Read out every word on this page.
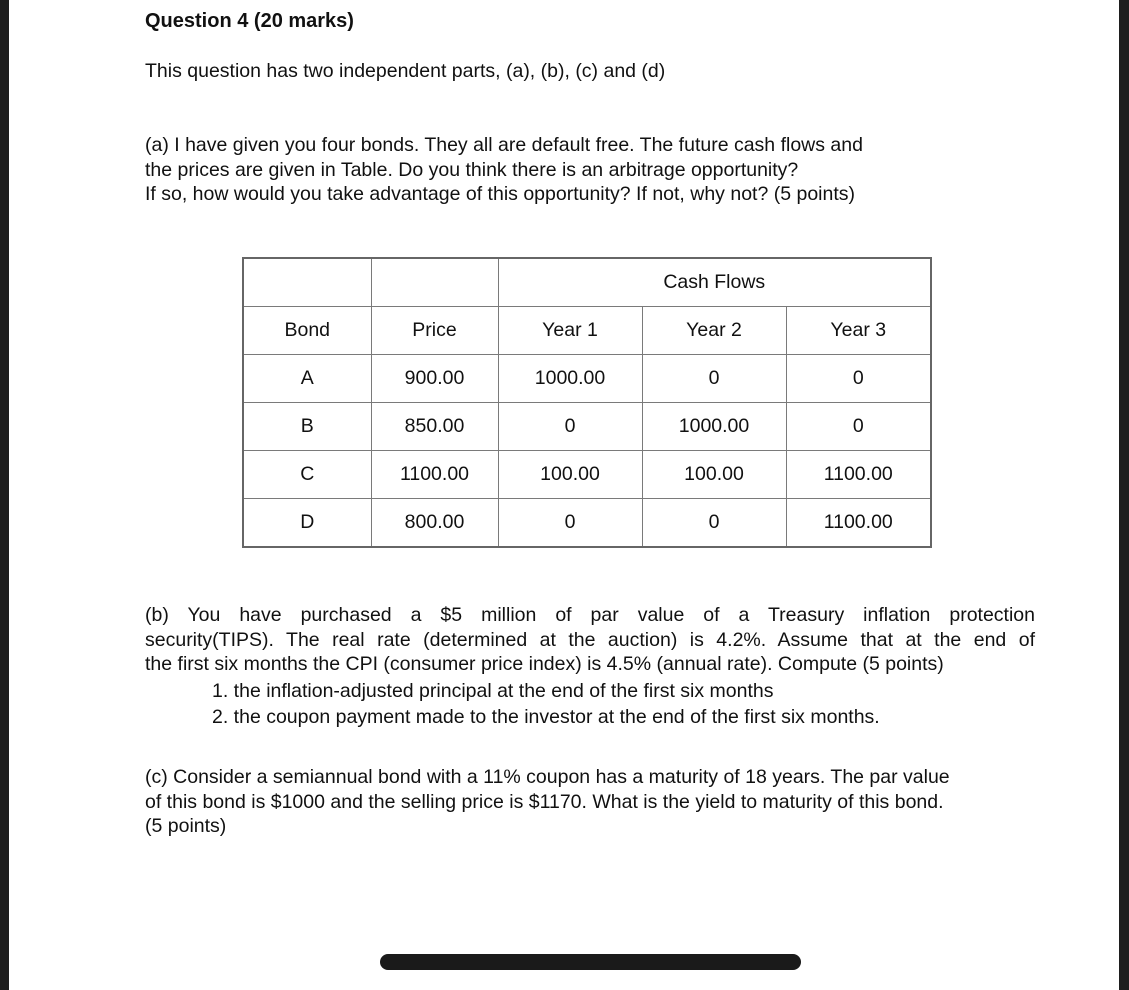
Question 4 (20 marks)

This question has two independent parts, (a), (b), (c) and (d)

(a) I have given you four bonds. They all are default free. The future cash flows and
the prices are given in Table. Do you think there is an arbitrage opportunity?
If so, how would you take advantage of this opportunity? If not, why not? (5 points)

		Cash Flows		
Bond	Price	Year 1	Year 2	Year 3
A	900.00	1000.00	0	0
B	850.00	0	1000.00	0
C	1100.00	100.00	100.00	1100.00
D	800.00	0	0	1100.00
(b) You have purchased a $5 million of par value of a Treasury inflation protection
security(TIPS). The real rate (determined at the auction) is 4.2%. Assume that at the end of
the first six months the CPI (consumer price index) is 4.5% (annual rate). Compute (5 points)
1. the inflation-adjusted principal at the end of the first six months
2. the coupon payment made to the investor at the end of the first six months.

(c) Consider a semiannual bond with a 11% coupon has a maturity of 18 years. The par value
of this bond is $1000 and the selling price is $1170. What is the yield to maturity of this bond.
(5 points)
